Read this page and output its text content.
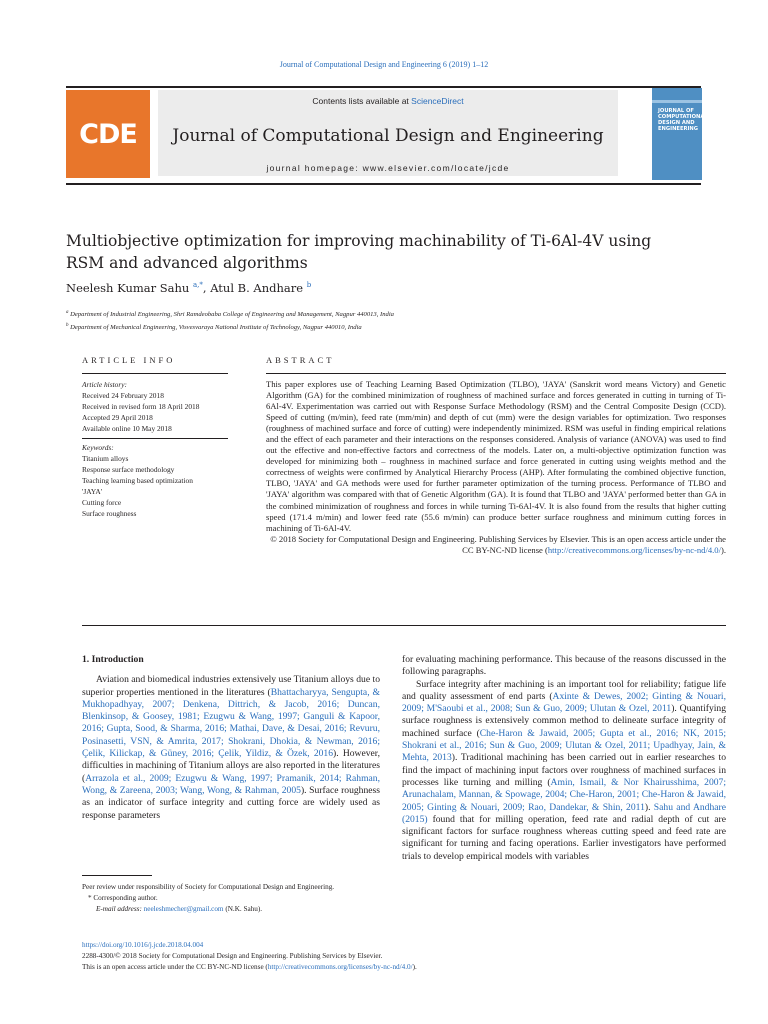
Journal of Computational Design and Engineering 6 (2019) 1–12
CDE
Contents lists available at ScienceDirect
Journal of Computational Design and Engineering
journal homepage: www.elsevier.com/locate/jcde
JOURNAL OF COMPUTATIONAL DESIGN AND ENGINEERING
Multiobjective optimization for improving machinability of Ti-6Al-4V using RSM and advanced algorithms
Neelesh Kumar Sahu $^{a,*}$, Atul B. Andhare $^b$
$^a$ Department of Industrial Engineering, Shri Ramdeobaba College of Engineering and Management, Nagpur 440013, India
$^b$ Department of Mechanical Engineering, Visvesvaraya National Institute of Technology, Nagpur 440010, India
ARTICLE INFO	ABSTRACT
Article history:
Received 24 February 2018
Received in revised form 18 April 2018
Accepted 29 April 2018
Available online 10 May 2018
Keywords:
Titanium alloys
Response surface methodology
Teaching learning based optimization
'JAYA'
Cutting force
Surface roughness
This paper explores use of Teaching Learning Based Optimization (TLBO), 'JAYA' (Sanskrit word means Victory) and Genetic Algorithm (GA) for the combined minimization of roughness of machined surface and forces generated in cutting in turning of Ti-6Al-4V. Experimentation was carried out with Response Surface Methodology (RSM) and the Central Composite Design (CCD). Speed of cutting (m/min), feed rate (mm/min) and depth of cut (mm) were the design variables for optimization. Two responses (roughness of machined surface and force of cutting) were independently minimized. RSM was useful in finding empirical relations and the effect of each parameter and their interactions on the responses considered. Analysis of variance (ANOVA) was used to find out the effective and non-effective factors and correctness of the models. Later on, a multi-objective optimization function was developed for minimizing both – roughness in machined surface and force generated in cutting using weights method and the correctness of weights were confirmed by Analytical Hierarchy Process (AHP). After formulating the combined objective function, TLBO, 'JAYA' and GA methods were used for further parameter optimization of the turning process. Performance of TLBO and 'JAYA' algorithm was compared with that of Genetic Algorithm (GA). It is found that TLBO and 'JAYA' performed better than GA in the combined minimization of roughness and forces in while turning Ti-6Al-4V. It is also found from the results that higher cutting speed (171.4 m/min) and lower feed rate (55.6 m/min) can produce better surface roughness and minimum cutting forces in machining of Ti-6Al-4V.
© 2018 Society for Computational Design and Engineering. Publishing Services by Elsevier. This is an open access article under the CC BY-NC-ND license (http://creativecommons.org/licenses/by-nc-nd/4.0/).
1. Introduction

Aviation and biomedical industries extensively use Titanium alloys due to superior properties mentioned in the literatures (Bhattacharyya, Sengupta, & Mukhopadhyay, 2007; Denkena, Dittrich, & Jacob, 2016; Duncan, Blenkinsop, & Goosey, 1981; Ezugwu & Wang, 1997; Ganguli & Kapoor, 2016; Gupta, Sood, & Sharma, 2016; Mathai, Dave, & Desai, 2016; Revuru, Posinasetti, VSN, & Amrita, 2017; Shokrani, Dhokia, & Newman, 2016; Çelik, Kilickap, & Güney, 2016; Çelik, Yildiz, & Özek, 2016). However, difficulties in machining of Titanium alloys are also reported in the literatures (Arrazola et al., 2009; Ezugwu & Wang, 1997; Pramanik, 2014; Rahman, Wong, & Zareena, 2003; Wang, Wong, & Rahman, 2005). Surface roughness as an indicator of surface integrity and cutting force are widely used as response parameters

for evaluating machining performance. This because of the reasons discussed in the following paragraphs.

Surface integrity after machining is an important tool for reliability; fatigue life and quality assessment of end parts (Axinte & Dewes, 2002; Ginting & Nouari, 2009; M'Saoubi et al., 2008; Sun & Guo, 2009; Ulutan & Ozel, 2011). Quantifying surface roughness is extensively common method to delineate surface integrity of machined surface (Che-Haron & Jawaid, 2005; Gupta et al., 2016; NK, 2015; Shokrani et al., 2016; Sun & Guo, 2009; Ulutan & Ozel, 2011; Upadhyay, Jain, & Mehta, 2013). Traditional machining has been carried out in earlier researches to find the impact of machining input factors over roughness of machined surfaces in processes like turning and milling (Amin, Ismail, & Nor Khairusshima, 2007; Arunachalam, Mannan, & Spowage, 2004; Che-Haron, 2001; Che-Haron & Jawaid, 2005; Ginting & Nouari, 2009; Rao, Dandekar, & Shin, 2011). Sahu and Andhare (2015) found that for milling operation, feed rate and radial depth of cut are significant factors for surface roughness whereas cutting speed and feed rate are significant for turning and facing operations. Earlier investigators have performed trials to develop empirical models with variables

Peer review under responsibility of Society for Computational Design and Engineering.
* Corresponding author.
E-mail address: neeleshmecher@gmail.com (N.K. Sahu).
https://doi.org/10.1016/j.jcde.2018.04.004
2288-4300/© 2018 Society for Computational Design and Engineering. Publishing Services by Elsevier.
This is an open access article under the CC BY-NC-ND license (http://creativecommons.org/licenses/by-nc-nd/4.0/).
